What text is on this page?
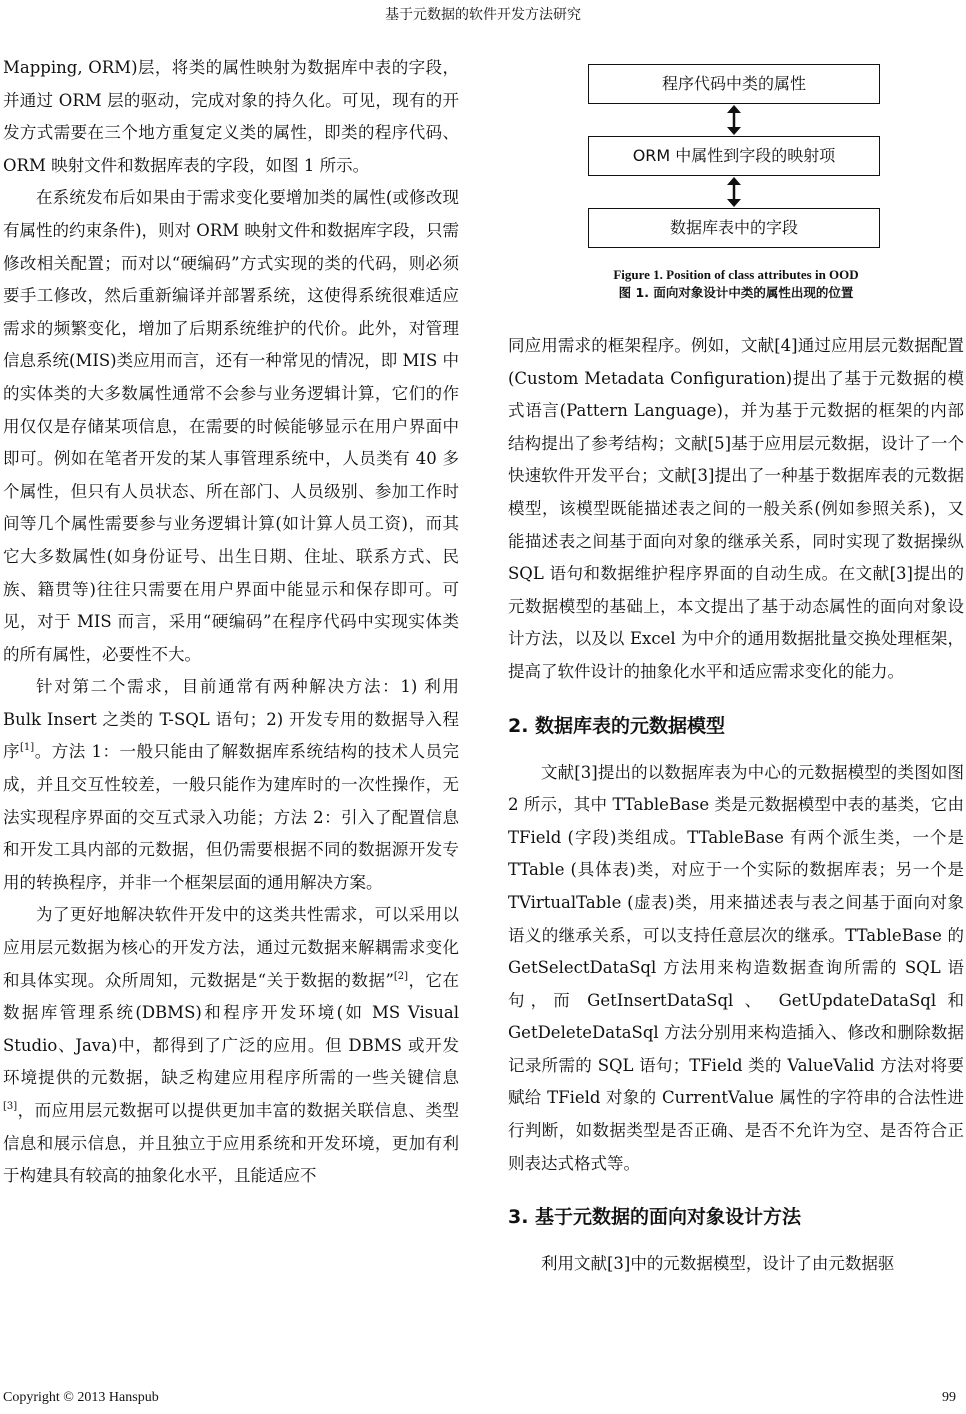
基于元数据的软件开发方法研究

Mapping, ORM)层，将类的属性映射为数据库中表的字段，并通过 ORM 层的驱动，完成对象的持久化。可见，现有的开发方式需要在三个地方重复定义类的属性，即类的程序代码、ORM 映射文件和数据库表的字段，如图 1 所示。

在系统发布后如果由于需求变化要增加类的属性(或修改现有属性的约束条件)，则对 ORM 映射文件和数据库字段，只需修改相关配置；而对以“硬编码”方式实现的类的代码，则必须要手工修改，然后重新编译并部署系统，这使得系统很难适应需求的频繁变化，增加了后期系统维护的代价。此外，对管理信息系统(MIS)类应用而言，还有一种常见的情况，即 MIS 中的实体类的大多数属性通常不会参与业务逻辑计算，它们的作用仅仅是存储某项信息，在需要的时候能够显示在用户界面中即可。例如在笔者开发的某人事管理系统中，人员类有 40 多个属性，但只有人员状态、所在部门、人员级别、参加工作时间等几个属性需要参与业务逻辑计算(如计算人员工资)，而其它大多数属性(如身份证号、出生日期、住址、联系方式、民族、籍贯等)往往只需要在用户界面中能显示和保存即可。可见，对于 MIS 而言，采用“硬编码”在程序代码中实现实体类的所有属性，必要性不大。

针对第二个需求，目前通常有两种解决方法：1) 利用 Bulk Insert 之类的 T-SQL 语句；2) 开发专用的数据导入程序[1]。方法 1：一般只能由了解数据库系统结构的技术人员完成，并且交互性较差，一般只能作为建库时的一次性操作，无法实现程序界面的交互式录入功能；方法 2：引入了配置信息和开发工具内部的元数据，但仍需要根据不同的数据源开发专用的转换程序，并非一个框架层面的通用解决方案。

为了更好地解决软件开发中的这类共性需求，可以采用以应用层元数据为核心的开发方法，通过元数据来解耦需求变化和具体实现。众所周知，元数据是“关于数据的数据”[2]，它在数据库管理系统(DBMS)和程序开发环境(如 MS Visual Studio、Java)中，都得到了广泛的应用。但 DBMS 或开发环境提供的元数据，缺乏构建应用程序所需的一些关键信息[3]，而应用层元数据可以提供更加丰富的数据关联信息、类型信息和展示信息，并且独立于应用系统和开发环境，更加有利于构建具有较高的抽象化水平，且能适应不

程序代码中类的属性
ORM 中属性到字段的映射项
数据库表中的字段
Figure 1. Position of class attributes in OOD
图 1. 面向对象设计中类的属性出现的位置

同应用需求的框架程序。例如，文献[4]通过应用层元数据配置(Custom Metadata Configuration)提出了基于元数据的模式语言(Pattern Language)，并为基于元数据的框架的内部结构提出了参考结构；文献[5]基于应用层元数据，设计了一个快速软件开发平台；文献[3]提出了一种基于数据库表的元数据模型，该模型既能描述表之间的一般关系(例如参照关系)，又能描述表之间基于面向对象的继承关系，同时实现了数据操纵 SQL 语句和数据维护程序界面的自动生成。在文献[3]提出的元数据模型的基础上，本文提出了基于动态属性的面向对象设计方法，以及以 Excel 为中介的通用数据批量交换处理框架，提高了软件设计的抽象化水平和适应需求变化的能力。

2. 数据库表的元数据模型

文献[3]提出的以数据库表为中心的元数据模型的类图如图 2 所示，其中 TTableBase 类是元数据模型中表的基类，它由 TField (字段)类组成。TTableBase 有两个派生类，一个是 TTable (具体表)类，对应于一个实际的数据库表；另一个是 TVirtualTable (虚表)类，用来描述表与表之间基于面向对象语义的继承关系，可以支持任意层次的继承。TTableBase 的 GetSelectDataSql 方法用来构造数据查询所需的 SQL 语句，而 GetInsertDataSql 、 GetUpdateDataSql 和 GetDeleteDataSql 方法分别用来构造插入、修改和删除数据记录所需的 SQL 语句；TField 类的 ValueValid 方法对将要赋给 TField 对象的 CurrentValue 属性的字符串的合法性进行判断，如数据类型是否正确、是否不允许为空、是否符合正则表达式格式等。

3. 基于元数据的面向对象设计方法

利用文献[3]中的元数据模型，设计了由元数据驱

Copyright © 2013 Hanspub	99
